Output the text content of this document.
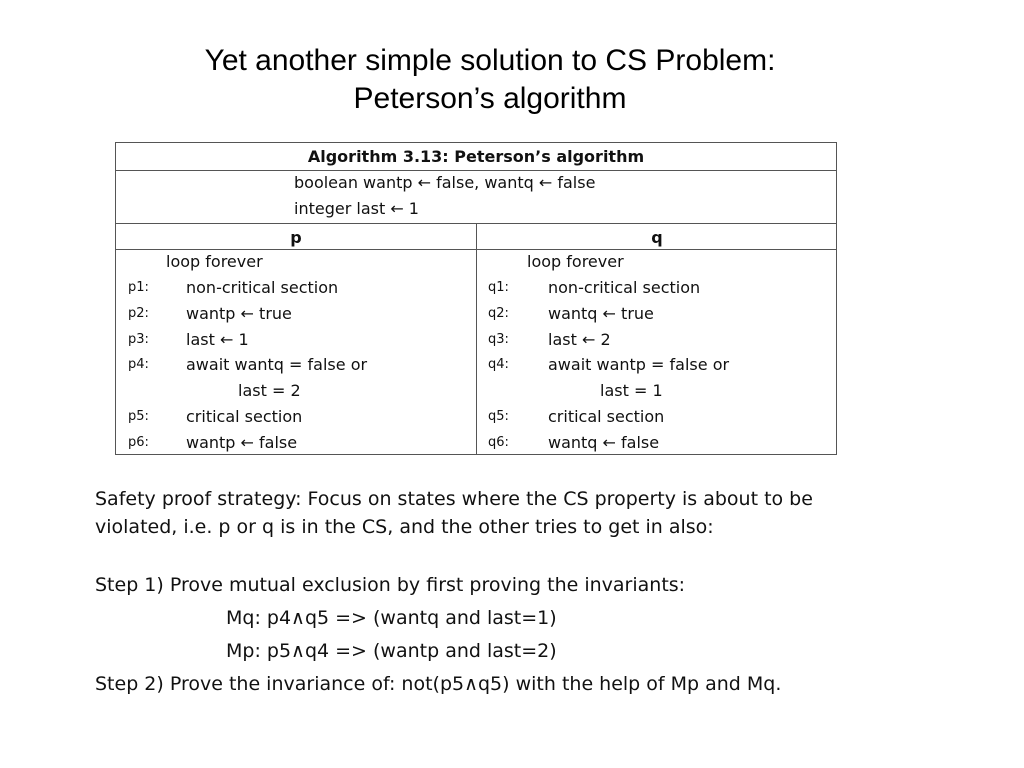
Yet another simple solution to CS Problem:
Peterson’s algorithm
Algorithm 3.13: Peterson’s algorithm
boolean wantp ← false, wantq ← false
integer last ← 1
p	q
loop forever
p1: non-critical section
p2: wantp ← true
p3: last ← 1
p4: await wantq = false or
last = 2
p5: critical section
p6: wantp ← false
loop forever
q1: non-critical section
q2: wantq ← true
q3: last ← 2
q4: await wantp = false or
last = 1
q5: critical section
q6: wantq ← false
Safety proof strategy: Focus on states where the CS property is about to be
violated, i.e. p or q is in the CS, and the other tries to get in also:
Step 1) Prove mutual exclusion by first proving the invariants:
Mq: p4∧q5 => (wantq and last=1)
Mp: p5∧q4 => (wantp and last=2)
Step 2) Prove the invariance of: not(p5∧q5) with the help of Mp and Mq.
